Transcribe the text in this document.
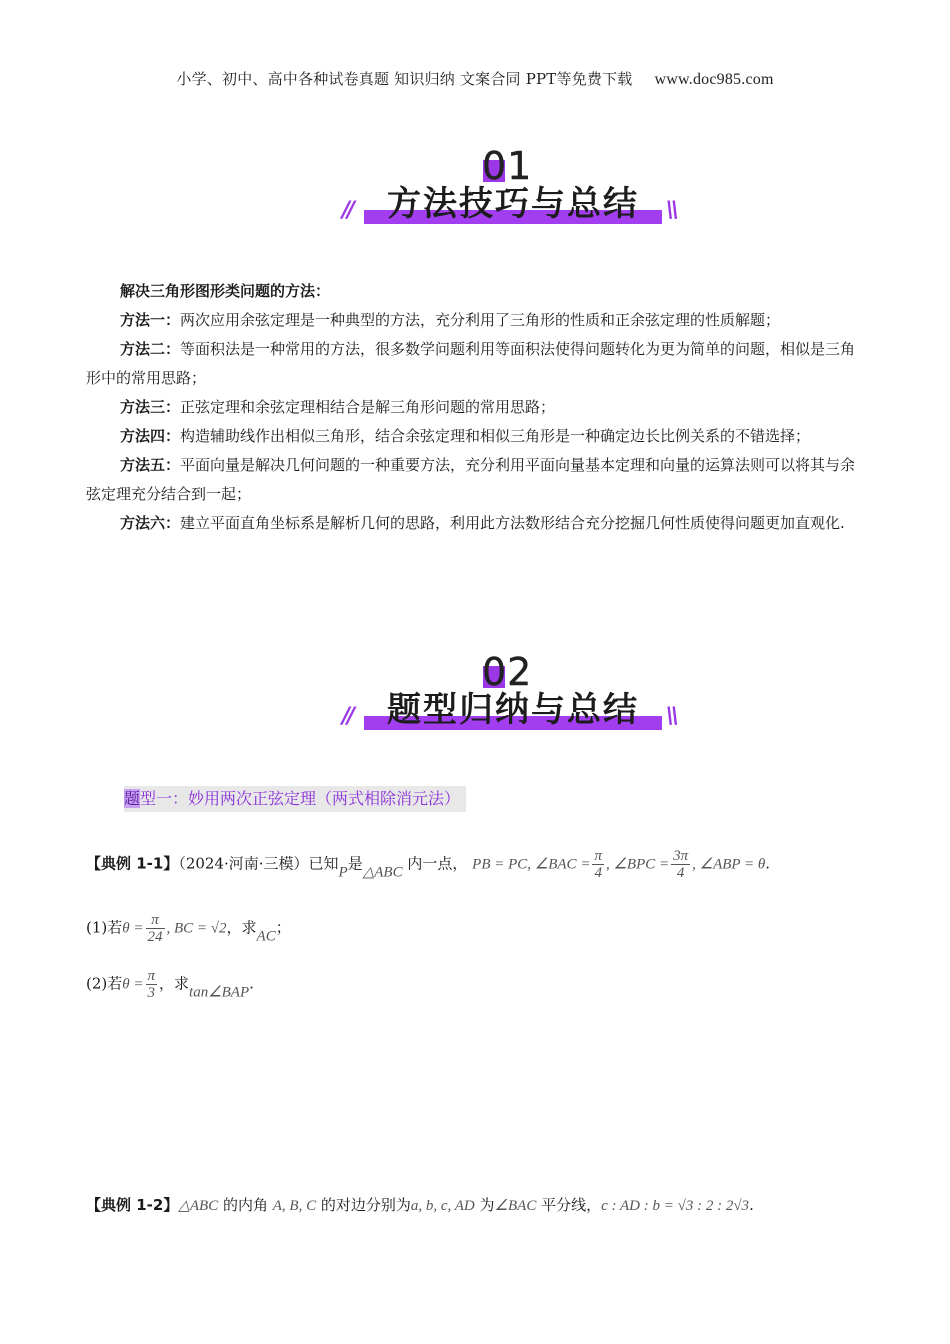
小学、初中、高中各种试卷真题 知识归纳 文案合同 PPT等免费下载 www.doc985.com
01
方法技巧与总结
//	\\

解决三角形图形类问题的方法：

方法一：两次应用余弦定理是一种典型的方法，充分利用了三角形的性质和正余弦定理的性质解题；

方法二：等面积法是一种常用的方法，很多数学问题利用等面积法使得问题转化为更为简单的问题，相似是三角形中的常用思路；

方法三：正弦定理和余弦定理相结合是解三角形问题的常用思路；

方法四：构造辅助线作出相似三角形，结合余弦定理和相似三角形是一种确定边长比例关系的不错选择；

方法五：平面向量是解决几何问题的一种重要方法，充分利用平面向量基本定理和向量的运算法则可以将其与余弦定理充分结合到一起；

方法六：建立平面直角坐标系是解析几何的思路，利用此方法数形结合充分挖掘几何性质使得问题更加直观化.

02
题型归纳与总结
//	\\
题型一：妙用两次正弦定理（两式相除消元法）
【典例 1-1】（2024·河南·三模）已知P是△ABC 内一点， PB = PC, ∠BAC = $\frac{\pi}{4}$ , ∠BPC = $\frac{3\pi}{4}$ , ∠ABP = θ.
(1)若$\theta = \frac{\pi}{24}$ , BC = √2，求AC；
(2)若$\theta = \frac{\pi}{3}$ ，求tan∠BAP.
【典例 1-2】△ABC 的内角 A, B, C 的对边分别为a, b, c, AD 为∠BAC 平分线，c : AD : b = √3 : 2 : 2√3.
